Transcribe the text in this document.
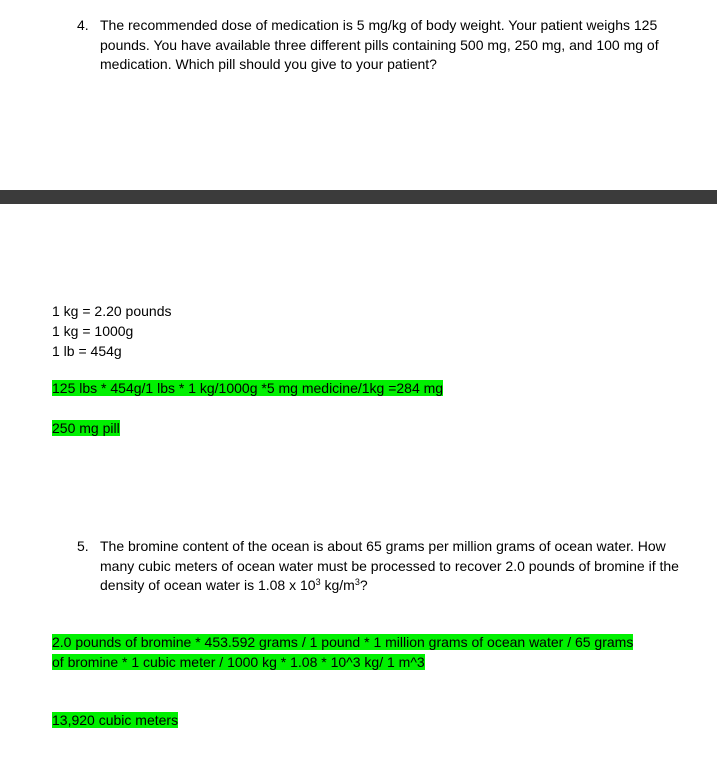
4. The recommended dose of medication is 5 mg/kg of body weight. Your patient weighs 125 pounds. You have available three different pills containing 500 mg, 250 mg, and 100 mg of medication. Which pill should you give to your patient?
1 kg = 2.20 pounds
1 kg = 1000g
1 lb = 454g
125 lbs * 454g/1 lbs * 1 kg/1000g *5 mg medicine/1kg =284 mg
250 mg pill
5. The bromine content of the ocean is about 65 grams per million grams of ocean water. How many cubic meters of ocean water must be processed to recover 2.0 pounds of bromine if the density of ocean water is 1.08 x $10^3$ $kg/m^3$?
2.0 pounds of bromine * 453.592 grams / 1 pound * 1 million grams of ocean water / 65 grams
of bromine * 1 cubic meter / 1000 kg * 1.08 * 10^3 kg/ 1 m^3
13,920 cubic meters
